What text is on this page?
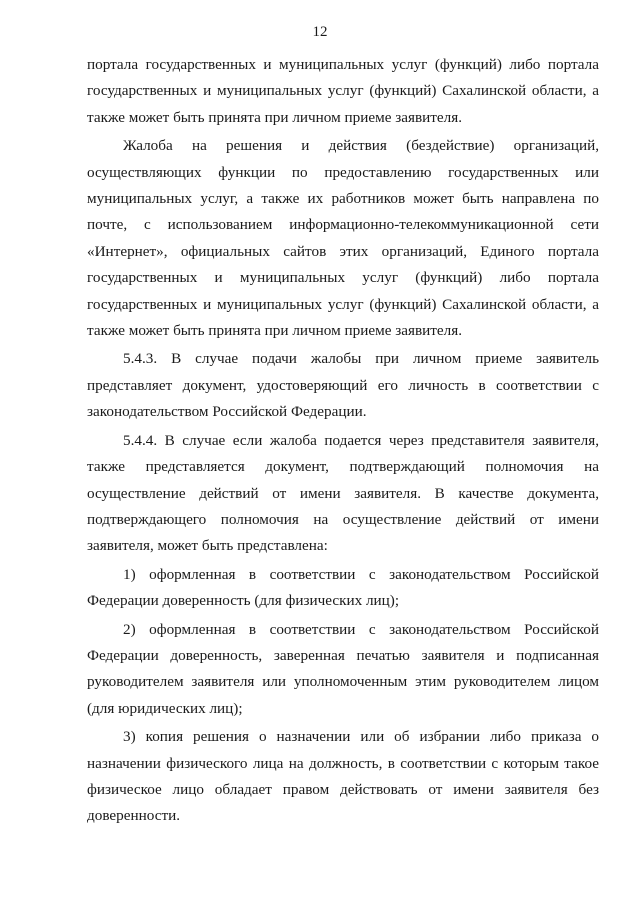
12

портала государственных и муниципальных услуг (функций) либо портала государственных и муниципальных услуг (функций) Сахалинской области, а также может быть принята при личном приеме заявителя.

Жалоба на решения и действия (бездействие) организаций, осуществляющих функции по предоставлению государственных или муниципальных услуг, а также их работников может быть направлена по почте, с использованием информационно-телекоммуникационной сети «Интернет», официальных сайтов этих организаций, Единого портала государственных и муниципальных услуг (функций) либо портала государственных и муниципальных услуг (функций) Сахалинской области, а также может быть принята при личном приеме заявителя.

5.4.3. В случае подачи жалобы при личном приеме заявитель представляет документ, удостоверяющий его личность в соответствии с законодательством Российской Федерации.

5.4.4. В случае если жалоба подается через представителя заявителя, также представляется документ, подтверждающий полномочия на осуществление действий от имени заявителя. В качестве документа, подтверждающего полномочия на осуществление действий от имени заявителя, может быть представлена:

1) оформленная в соответствии с законодательством Российской Федерации доверенность (для физических лиц);

2) оформленная в соответствии с законодательством Российской Федерации доверенность, заверенная печатью заявителя и подписанная руководителем заявителя или уполномоченным этим руководителем лицом (для юридических лиц);

3) копия решения о назначении или об избрании либо приказа о назначении физического лица на должность, в соответствии с которым такое физическое лицо обладает правом действовать от имени заявителя без доверенности.
